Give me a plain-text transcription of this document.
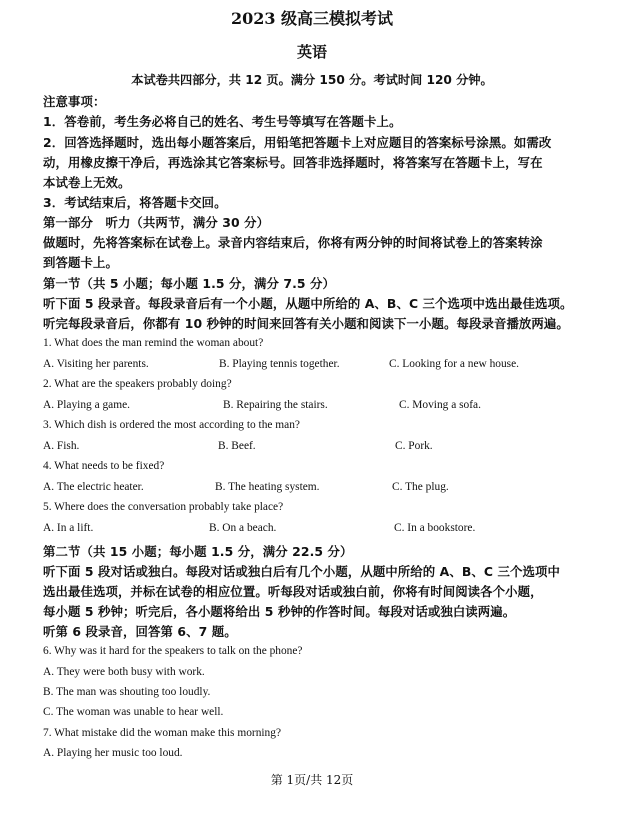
2023 级高三模拟考试
英语
本试卷共四部分，共 12 页。满分 150 分。考试时间 120 分钟。
注意事项：
1．答卷前，考生务必将自己的姓名、考生号等填写在答题卡上。
2．回答选择题时，选出每小题答案后，用铅笔把答题卡上对应题目的答案标号涂黑。如需改
动，用橡皮擦干净后，再选涂其它答案标号。回答非选择题时，将答案写在答题卡上，写在
本试卷上无效。
3．考试结束后，将答题卡交回。
第一部分　听力（共两节，满分 30 分）
做题时，先将答案标在试卷上。录音内容结束后，你将有两分钟的时间将试卷上的答案转涂
到答题卡上。
第一节（共 5 小题；每小题 1.5 分，满分 7.5 分）
听下面 5 段录音。每段录音后有一个小题，从题中所给的 A、B、C 三个选项中选出最佳选项。
听完每段录音后，你都有 10 秒钟的时间来回答有关小题和阅读下一小题。每段录音播放两遍。
1. What does the man remind the woman about?
A. Visiting her parents.	B. Playing tennis together.	C. Looking for a new house.
2. What are the speakers probably doing?
A. Playing a game.	B. Repairing the stairs.	C. Moving a sofa.
3. Which dish is ordered the most according to the man?
A. Fish.	B. Beef.	C. Pork.
4. What needs to be fixed?
A. The electric heater.	B. The heating system.	C. The plug.
5. Where does the conversation probably take place?
A. In a lift.	B. On a beach.	C. In a bookstore.
第二节（共 15 小题；每小题 1.5 分，满分 22.5 分）
听下面 5 段对话或独白。每段对话或独白后有几个小题，从题中所给的 A、B、C 三个选项中
选出最佳选项，并标在试卷的相应位置。听每段对话或独白前，你将有时间阅读各个小题，
每小题 5 秒钟；听完后，各小题将给出 5 秒钟的作答时间。每段对话或独白读两遍。
听第 6 段录音，回答第 6、7 题。
6. Why was it hard for the speakers to talk on the phone?
A. They were both busy with work.
B. The man was shouting too loudly.
C. The woman was unable to hear well.
7. What mistake did the woman make this morning?
A. Playing her music too loud.
第 1页/共 12页
